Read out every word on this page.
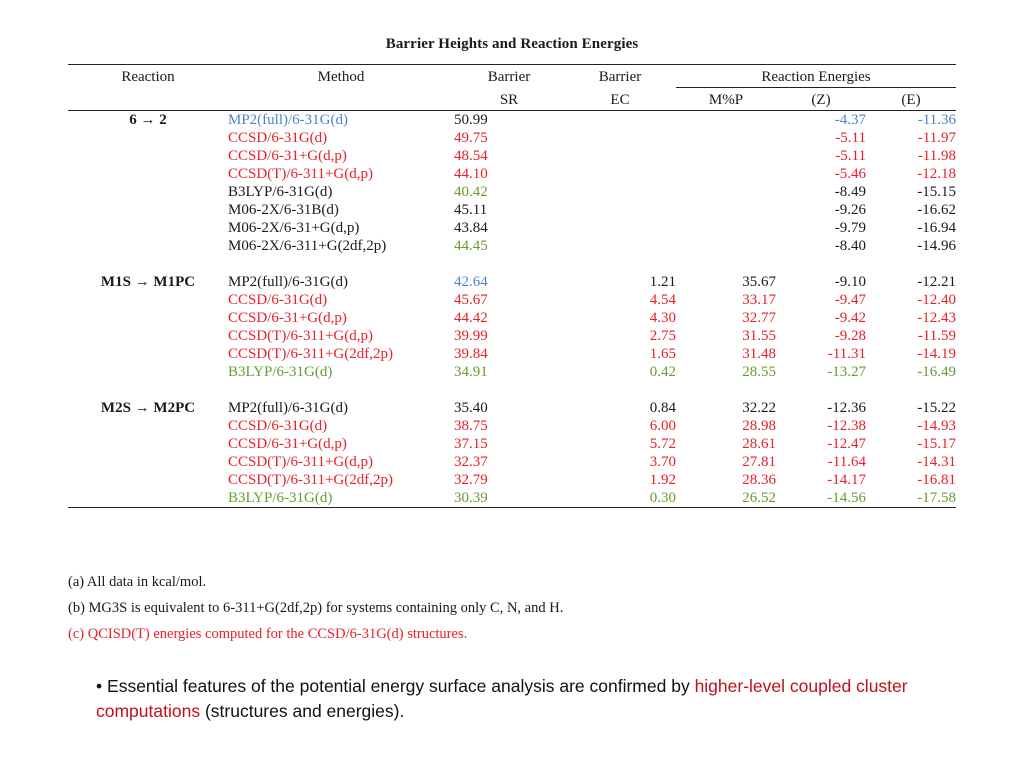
Barrier Heights and Reaction Energies
Reaction	Method	Barrier	Barrier	Reaction Energies		
		SR	EC	M%P	(Z)	(E)
6 → 2	MP2(full)/6-31G(d)	50.99			-4.37	-11.36
	CCSD/6-31G(d)	49.75			-5.11	-11.97
	CCSD/6-31+G(d,p)	48.54			-5.11	-11.98
	CCSD(T)/6-311+G(d,p)	44.10			-5.46	-12.18
	B3LYP/6-31G(d)	40.42			-8.49	-15.15
	M06-2X/6-31B(d)	45.11			-9.26	-16.62
	M06-2X/6-31+G(d,p)	43.84			-9.79	-16.94
	M06-2X/6-311+G(2df,2p)	44.45			-8.40	-14.96

M1S → M1PC	MP2(full)/6-31G(d)	42.64	1.21	35.67	-9.10	-12.21
	CCSD/6-31G(d)	45.67	4.54	33.17	-9.47	-12.40
	CCSD/6-31+G(d,p)	44.42	4.30	32.77	-9.42	-12.43
	CCSD(T)/6-311+G(d,p)	39.99	2.75	31.55	-9.28	-11.59
	CCSD(T)/6-311+G(2df,2p)	39.84	1.65	31.48	-11.31	-14.19
	B3LYP/6-31G(d)	34.91	0.42	28.55	-13.27	-16.49

M2S → M2PC	MP2(full)/6-31G(d)	35.40	0.84	32.22	-12.36	-15.22
	CCSD/6-31G(d)	38.75	6.00	28.98	-12.38	-14.93
	CCSD/6-31+G(d,p)	37.15	5.72	28.61	-12.47	-15.17
	CCSD(T)/6-311+G(d,p)	32.37	3.70	27.81	-11.64	-14.31
	CCSD(T)/6-311+G(2df,2p)	32.79	1.92	28.36	-14.17	-16.81
	B3LYP/6-31G(d)	30.39	0.30	26.52	-14.56	-17.58
(a) All data in kcal/mol.
(b) MG3S is equivalent to 6-311+G(2df,2p) for systems containing only C, N, and H.
(c) QCISD(T) energies computed for the CCSD/6-31G(d) structures.
• Essential features of the potential energy surface analysis are confirmed by higher-level coupled cluster computations (structures and energies).
